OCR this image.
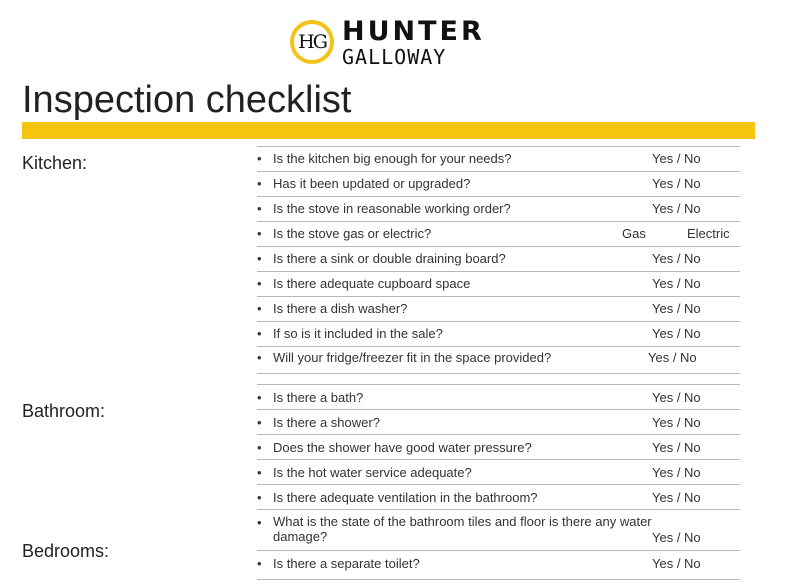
HG HUNTER
GALLOWAY
Inspection checklist
Kitchen:
Bathroom:
Bedrooms:
• Is the kitchen big enough for your needs?	Yes / No
• Has it been updated or upgraded?	Yes / No
• Is the stove in reasonable working order?	Yes / No
• Is the stove gas or electric?	Gas	Electric
• Is there a sink or double draining board?	Yes / No
• Is there adequate cupboard space	Yes / No
• Is there a dish washer?	Yes / No
• If so is it included in the sale?	Yes / No
• Will your fridge/freezer fit in the space provided?	Yes / No
• Is there a bath?	Yes / No
• Is there a shower?	Yes / No
• Does the shower have good water pressure?	Yes / No
• Is the hot water service adequate?	Yes / No
• Is there adequate ventilation in the bathroom?	Yes / No
• What is the state of the bathroom tiles and floor is there any water damage?	Yes / No
• Is there a separate toilet?	Yes / No
